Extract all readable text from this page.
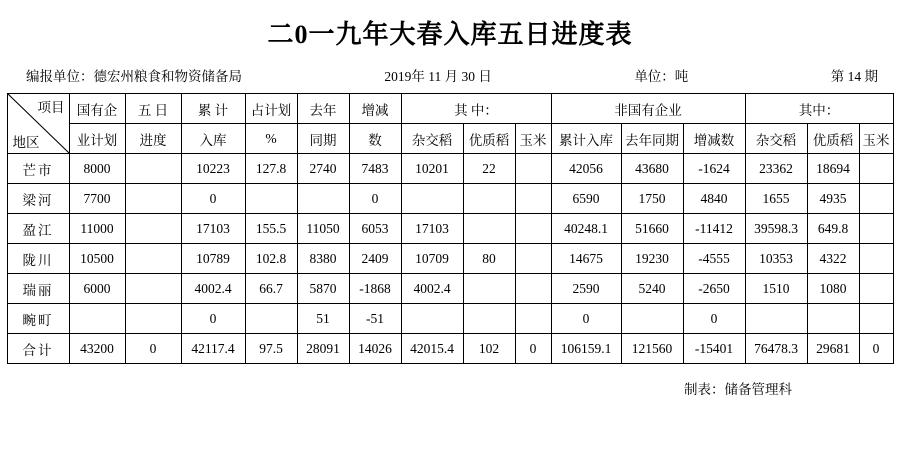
二0一九年大春入库五日进度表
编报单位：德宏州粮食和物资储备局	2019年 11 月 30 日	单位：吨	第 14 期
项目
地区	国有企	五 日	累 计	占计划	去年	增减	其 中：			非国有企业			其中：		
	业计划	进度	入库	%	同期	数	杂交稻	优质稻	玉米	累计入库	去年同期	增减数	杂交稻	优质稻	玉米
芒市	8000		10223	127.8	2740	7483	10201	22		42056	43680	-1624	23362	18694	
梁河	7700		0			0				6590	1750	4840	1655	4935	
盈江	11000		17103	155.5	11050	6053	17103			40248.1	51660	-11412	39598.3	649.8	
陇川	10500		10789	102.8	8380	2409	10709	80		14675	19230	-4555	10353	4322	
瑞丽	6000		4002.4	66.7	5870	-1868	4002.4			2590	5240	-2650	1510	1080	
畹町			0		51	-51				0		0			
合计	43200	0	42117.4	97.5	28091	14026	42015.4	102	0	106159.1	121560	-15401	76478.3	29681	0
制表：储备管理科
